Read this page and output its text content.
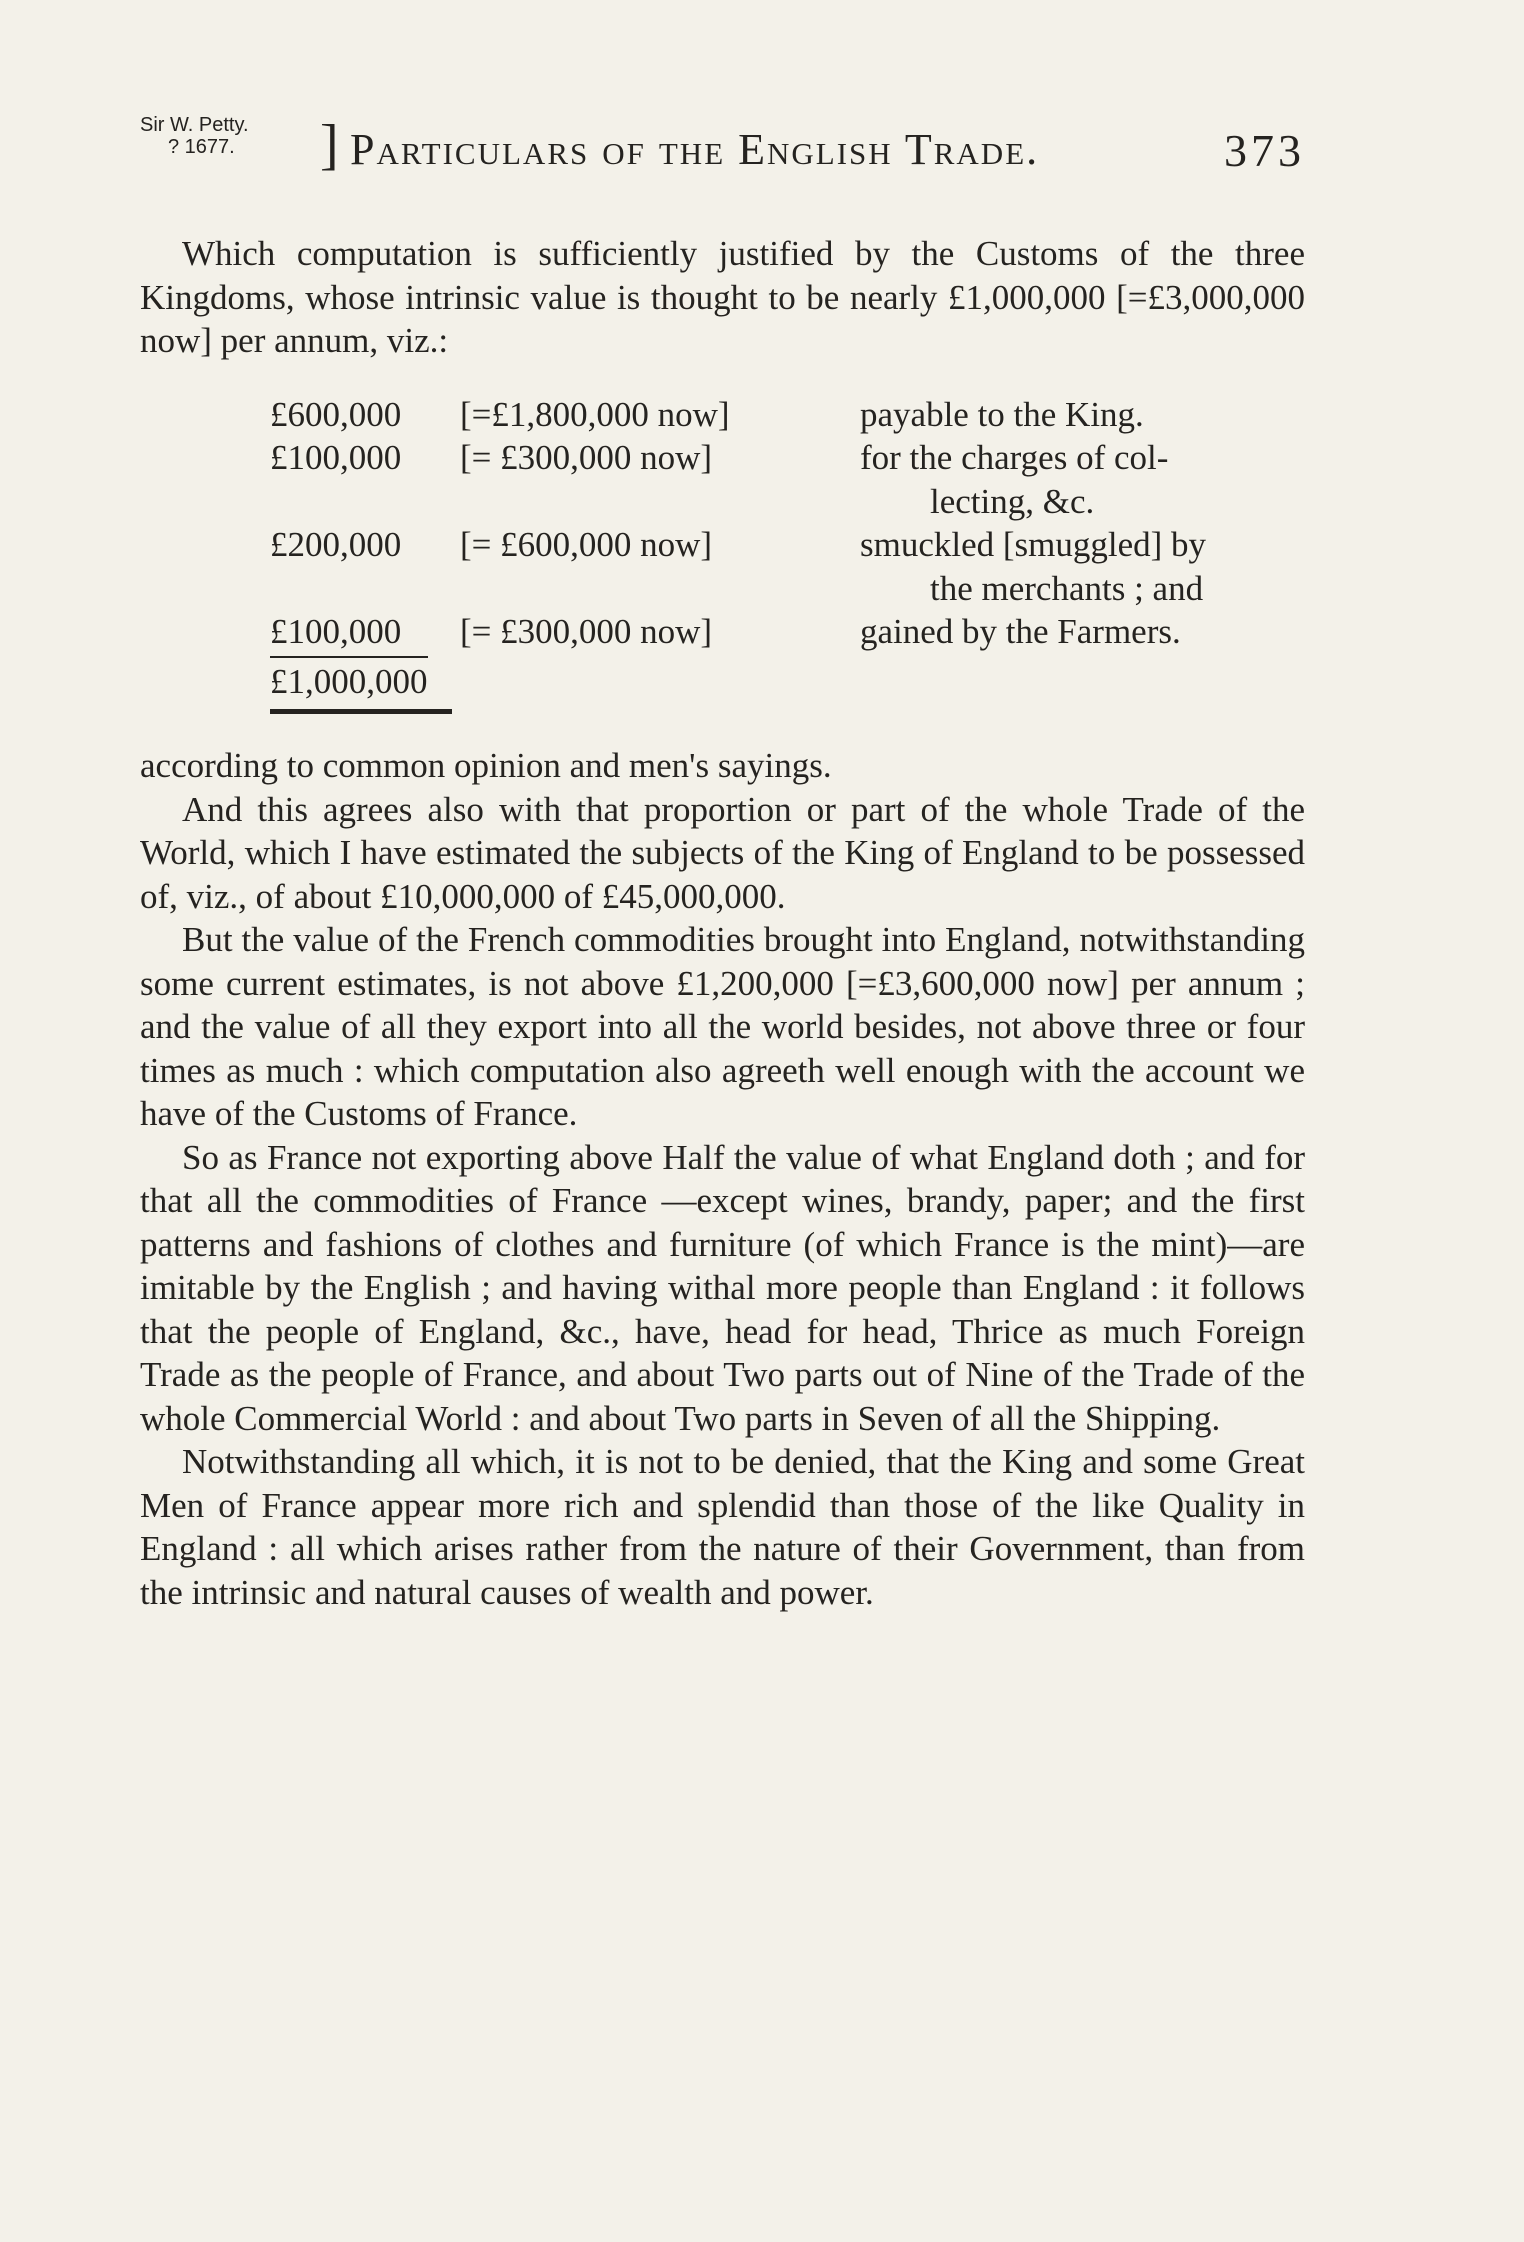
Sir W. Petty.
? 1677.	] Particulars of the English Trade.	373

Which computation is sufficiently justified by the Customs of the three Kingdoms, whose intrinsic value is thought to be nearly £1,000,000 [=£3,000,000 now] per annum, viz.:

£600,000	[=£1,800,000 now]	payable to the King.
£100,000	[= £300,000 now]	for the charges of col-
lecting, &c.
£200,000	[= £600,000 now]	smuckled [smuggled] by
the merchants ; and
£100,000	[= £300,000 now]	gained by the Farmers.
£1,000,000

according to common opinion and men's sayings.

And this agrees also with that proportion or part of the whole Trade of the World, which I have estimated the subjects of the King of England to be possessed of, viz., of about £10,000,000 of £45,000,000.

But the value of the French commodities brought into England, notwithstanding some current estimates, is not above £1,200,000 [=£3,600,000 now] per annum ; and the value of all they export into all the world besides, not above three or four times as much : which computation also agreeth well enough with the account we have of the Customs of France.

So as France not exporting above Half the value of what England doth ; and for that all the commodities of France —except wines, brandy, paper; and the first patterns and fashions of clothes and furniture (of which France is the mint)—are imitable by the English ; and having withal more people than England : it follows that the people of England, &c., have, head for head, Thrice as much Foreign Trade as the people of France, and about Two parts out of Nine of the Trade of the whole Commercial World : and about Two parts in Seven of all the Shipping.

Notwithstanding all which, it is not to be denied, that the King and some Great Men of France appear more rich and splendid than those of the like Quality in England : all which arises rather from the nature of their Government, than from the intrinsic and natural causes of wealth and power.
